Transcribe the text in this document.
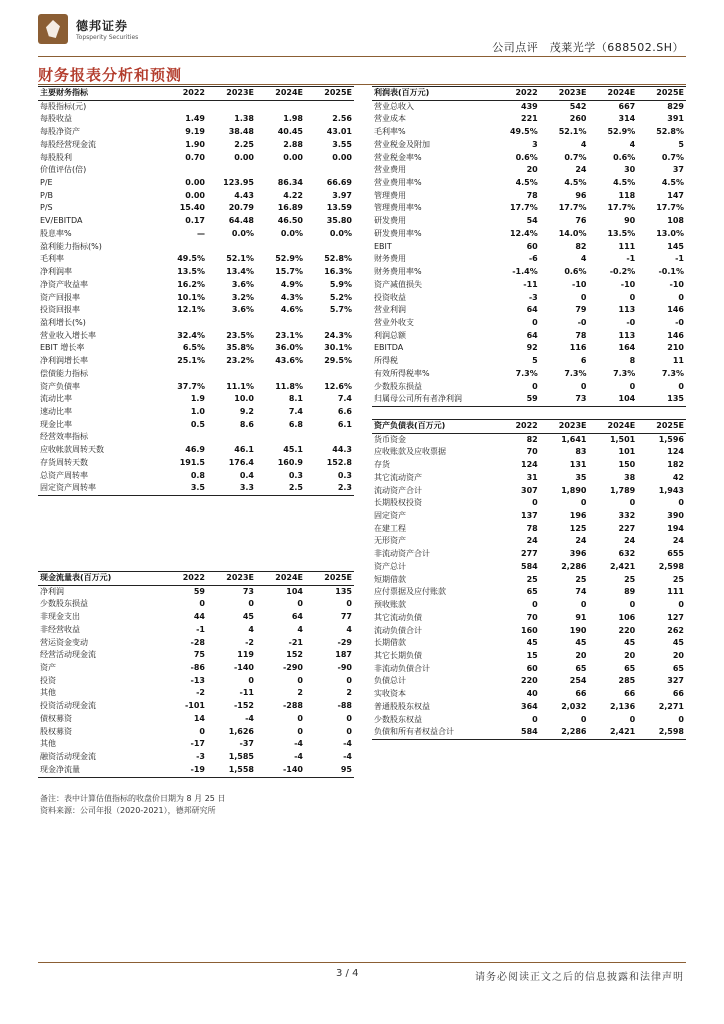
德邦证券
Topsperity Securities
公司点评　茂莱光学（688502.SH）
财务报表分析和预测
主要财务指标	2022	2023E	2024E	2025E
每股指标(元)				
每股收益	1.49	1.38	1.98	2.56
每股净资产	9.19	38.48	40.45	43.01
每股经营现金流	1.90	2.25	2.88	3.55
每股股利	0.70	0.00	0.00	0.00
价值评估(倍)				
P/E	0.00	123.95	86.34	66.69
P/B	0.00	4.43	4.22	3.97
P/S	15.40	20.79	16.89	13.59
EV/EBITDA	0.17	64.48	46.50	35.80
股息率%	—	0.0%	0.0%	0.0%
盈利能力指标(%)				
毛利率	49.5%	52.1%	52.9%	52.8%
净利润率	13.5%	13.4%	15.7%	16.3%
净资产收益率	16.2%	3.6%	4.9%	5.9%
资产回报率	10.1%	3.2%	4.3%	5.2%
投资回报率	12.1%	3.6%	4.6%	5.7%
盈利增长(%)				
营业收入增长率	32.4%	23.5%	23.1%	24.3%
EBIT 增长率	6.5%	35.8%	36.0%	30.1%
净利润增长率	25.1%	23.2%	43.6%	29.5%
偿债能力指标				
资产负债率	37.7%	11.1%	11.8%	12.6%
流动比率	1.9	10.0	8.1	7.4
速动比率	1.0	9.2	7.4	6.6
现金比率	0.5	8.6	6.8	6.1
经营效率指标				
应收帐款周转天数	46.9	46.1	45.1	44.3
存货周转天数	191.5	176.4	160.9	152.8
总资产周转率	0.8	0.4	0.3	0.3
固定资产周转率	3.5	3.3	2.5	2.3
现金流量表(百万元)	2022	2023E	2024E	2025E
净利润	59	73	104	135
少数股东损益	0	0	0	0
非现金支出	44	45	64	77
非经营收益	-1	4	4	4
营运资金变动	-28	-2	-21	-29
经营活动现金流	75	119	152	187
资产	-86	-140	-290	-90
投资	-13	0	0	0
其他	-2	-11	2	2
投资活动现金流	-101	-152	-288	-88
债权募资	14	-4	0	0
股权募资	0	1,626	0	0
其他	-17	-37	-4	-4
融资活动现金流	-3	1,585	-4	-4
现金净流量	-19	1,558	-140	95
利润表(百万元)	2022	2023E	2024E	2025E
营业总收入	439	542	667	829
营业成本	221	260	314	391
毛利率%	49.5%	52.1%	52.9%	52.8%
营业税金及附加	3	4	4	5
营业税金率%	0.6%	0.7%	0.6%	0.7%
营业费用	20	24	30	37
营业费用率%	4.5%	4.5%	4.5%	4.5%
管理费用	78	96	118	147
管理费用率%	17.7%	17.7%	17.7%	17.7%
研发费用	54	76	90	108
研发费用率%	12.4%	14.0%	13.5%	13.0%
EBIT	60	82	111	145
财务费用	-6	4	-1	-1
财务费用率%	-1.4%	0.6%	-0.2%	-0.1%
资产减值损失	-11	-10	-10	-10
投资收益	-3	0	0	0
营业利润	64	79	113	146
营业外收支	0	-0	-0	-0
利润总额	64	78	113	146
EBITDA	92	116	164	210
所得税	5	6	8	11
有效所得税率%	7.3%	7.3%	7.3%	7.3%
少数股东损益	0	0	0	0
归属母公司所有者净利润	59	73	104	135
资产负债表(百万元)	2022	2023E	2024E	2025E
货币资金	82	1,641	1,501	1,596
应收账款及应收票据	70	83	101	124
存货	124	131	150	182
其它流动资产	31	35	38	42
流动资产合计	307	1,890	1,789	1,943
长期股权投资	0	0	0	0
固定资产	137	196	332	390
在建工程	78	125	227	194
无形资产	24	24	24	24
非流动资产合计	277	396	632	655
资产总计	584	2,286	2,421	2,598
短期借款	25	25	25	25
应付票据及应付账款	65	74	89	111
预收账款	0	0	0	0
其它流动负债	70	91	106	127
流动负债合计	160	190	220	262
长期借款	45	45	45	45
其它长期负债	15	20	20	20
非流动负债合计	60	65	65	65
负债总计	220	254	285	327
实收资本	40	66	66	66
普通股股东权益	364	2,032	2,136	2,271
少数股东权益	0	0	0	0
负债和所有者权益合计	584	2,286	2,421	2,598
备注：表中计算估值指标的收盘价日期为 8 月 25 日
资料来源：公司年报（2020-2021），德邦研究所
3 / 4	请务必阅读正文之后的信息披露和法律声明
